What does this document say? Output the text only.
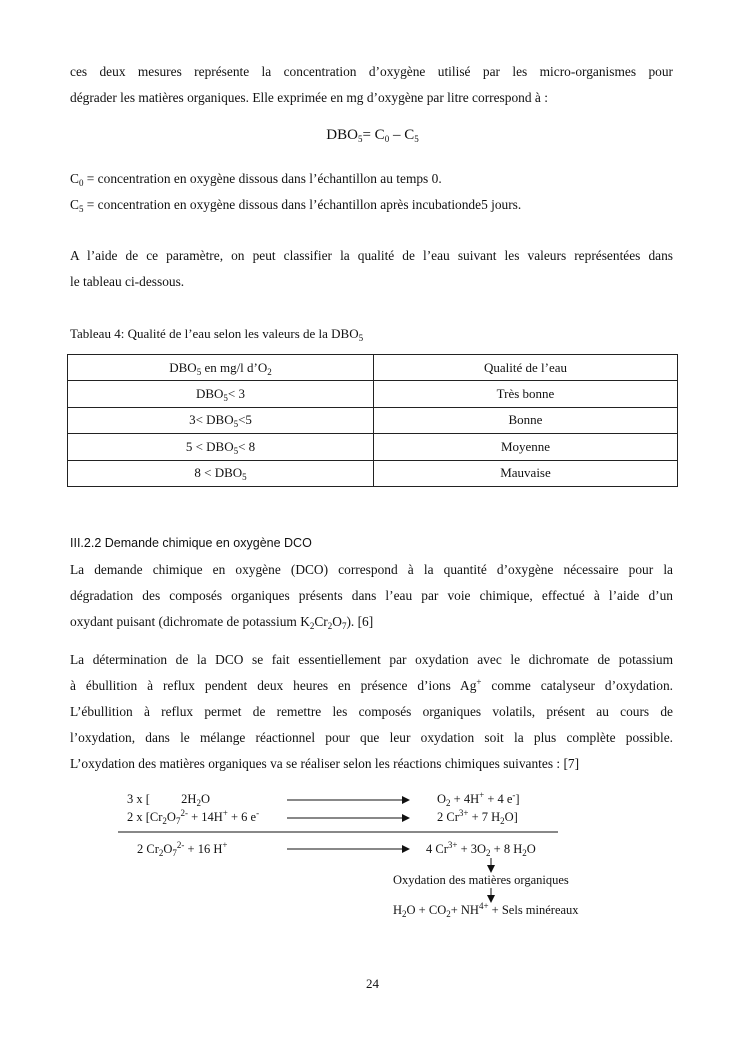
ces deux mesures représente la concentration d’oxygène utilisé par les micro-organismes pour
dégrader les matières organiques. Elle exprimée en mg d’oxygène par litre correspond à :
$DBO_5= C_0 - C_5$
$C_0$ = concentration en oxygène dissous dans l’échantillon au temps 0.
$C_5$ = concentration en oxygène dissous dans l’échantillon après incubationde5 jours.
A l’aide de ce paramètre, on peut classifier la qualité de l’eau suivant les valeurs représentées dans
le tableau ci-dessous.
Tableau 4: Qualité de l’eau selon les valeurs de la $DBO_5$
$DBO_5$ en mg/l $d’O_2$	Qualité de l’eau
$DBO_5< 3$	Très bonne
$3< DBO_5<5$	Bonne
$5 < DBO_5< 8$	Moyenne
$8 < DBO_5$	Mauvaise
III.2.2 Demande chimique en oxygène DCO
La demande chimique en oxygène (DCO) correspond à la quantité d’oxygène nécessaire pour la
dégradation des composés organiques présents dans l’eau par voie chimique, effectué à l’aide d’un
oxydant puisant (dichromate de potassium $K_2Cr_2O_7$). [6]
La détermination de la DCO se fait essentiellement par oxydation avec le dichromate de potassium
à ébullition à reflux pendent deux heures en présence d’ions Ag+ comme catalyseur d’oxydation.
L’ébullition à reflux permet de remettre les composés organiques volatils, présent au cours de
l’oxydation, dans le mélange réactionnel pour que leur oxydation soit la plus complète possible.
L’oxydation des matières organiques va se réaliser selon les réactions chimiques suivantes : [7]
3 x [          $2H_2O$	$O_2 + 4H^+ + 4$ e-]
2 x [$Cr_2O_7^{2-} + 14H^+ + 6$ e-	2 $Cr^{3+} + 7$ $H_2O$]
2 $Cr_2O_7^{2-} + 16$ H+	4 $Cr^{3+} + 3O_2 + 8$ $H_2O$
Oxydation des matières organiques
$H_2O + CO_2+ NH^{4+}$ + Sels minéreaux
24
